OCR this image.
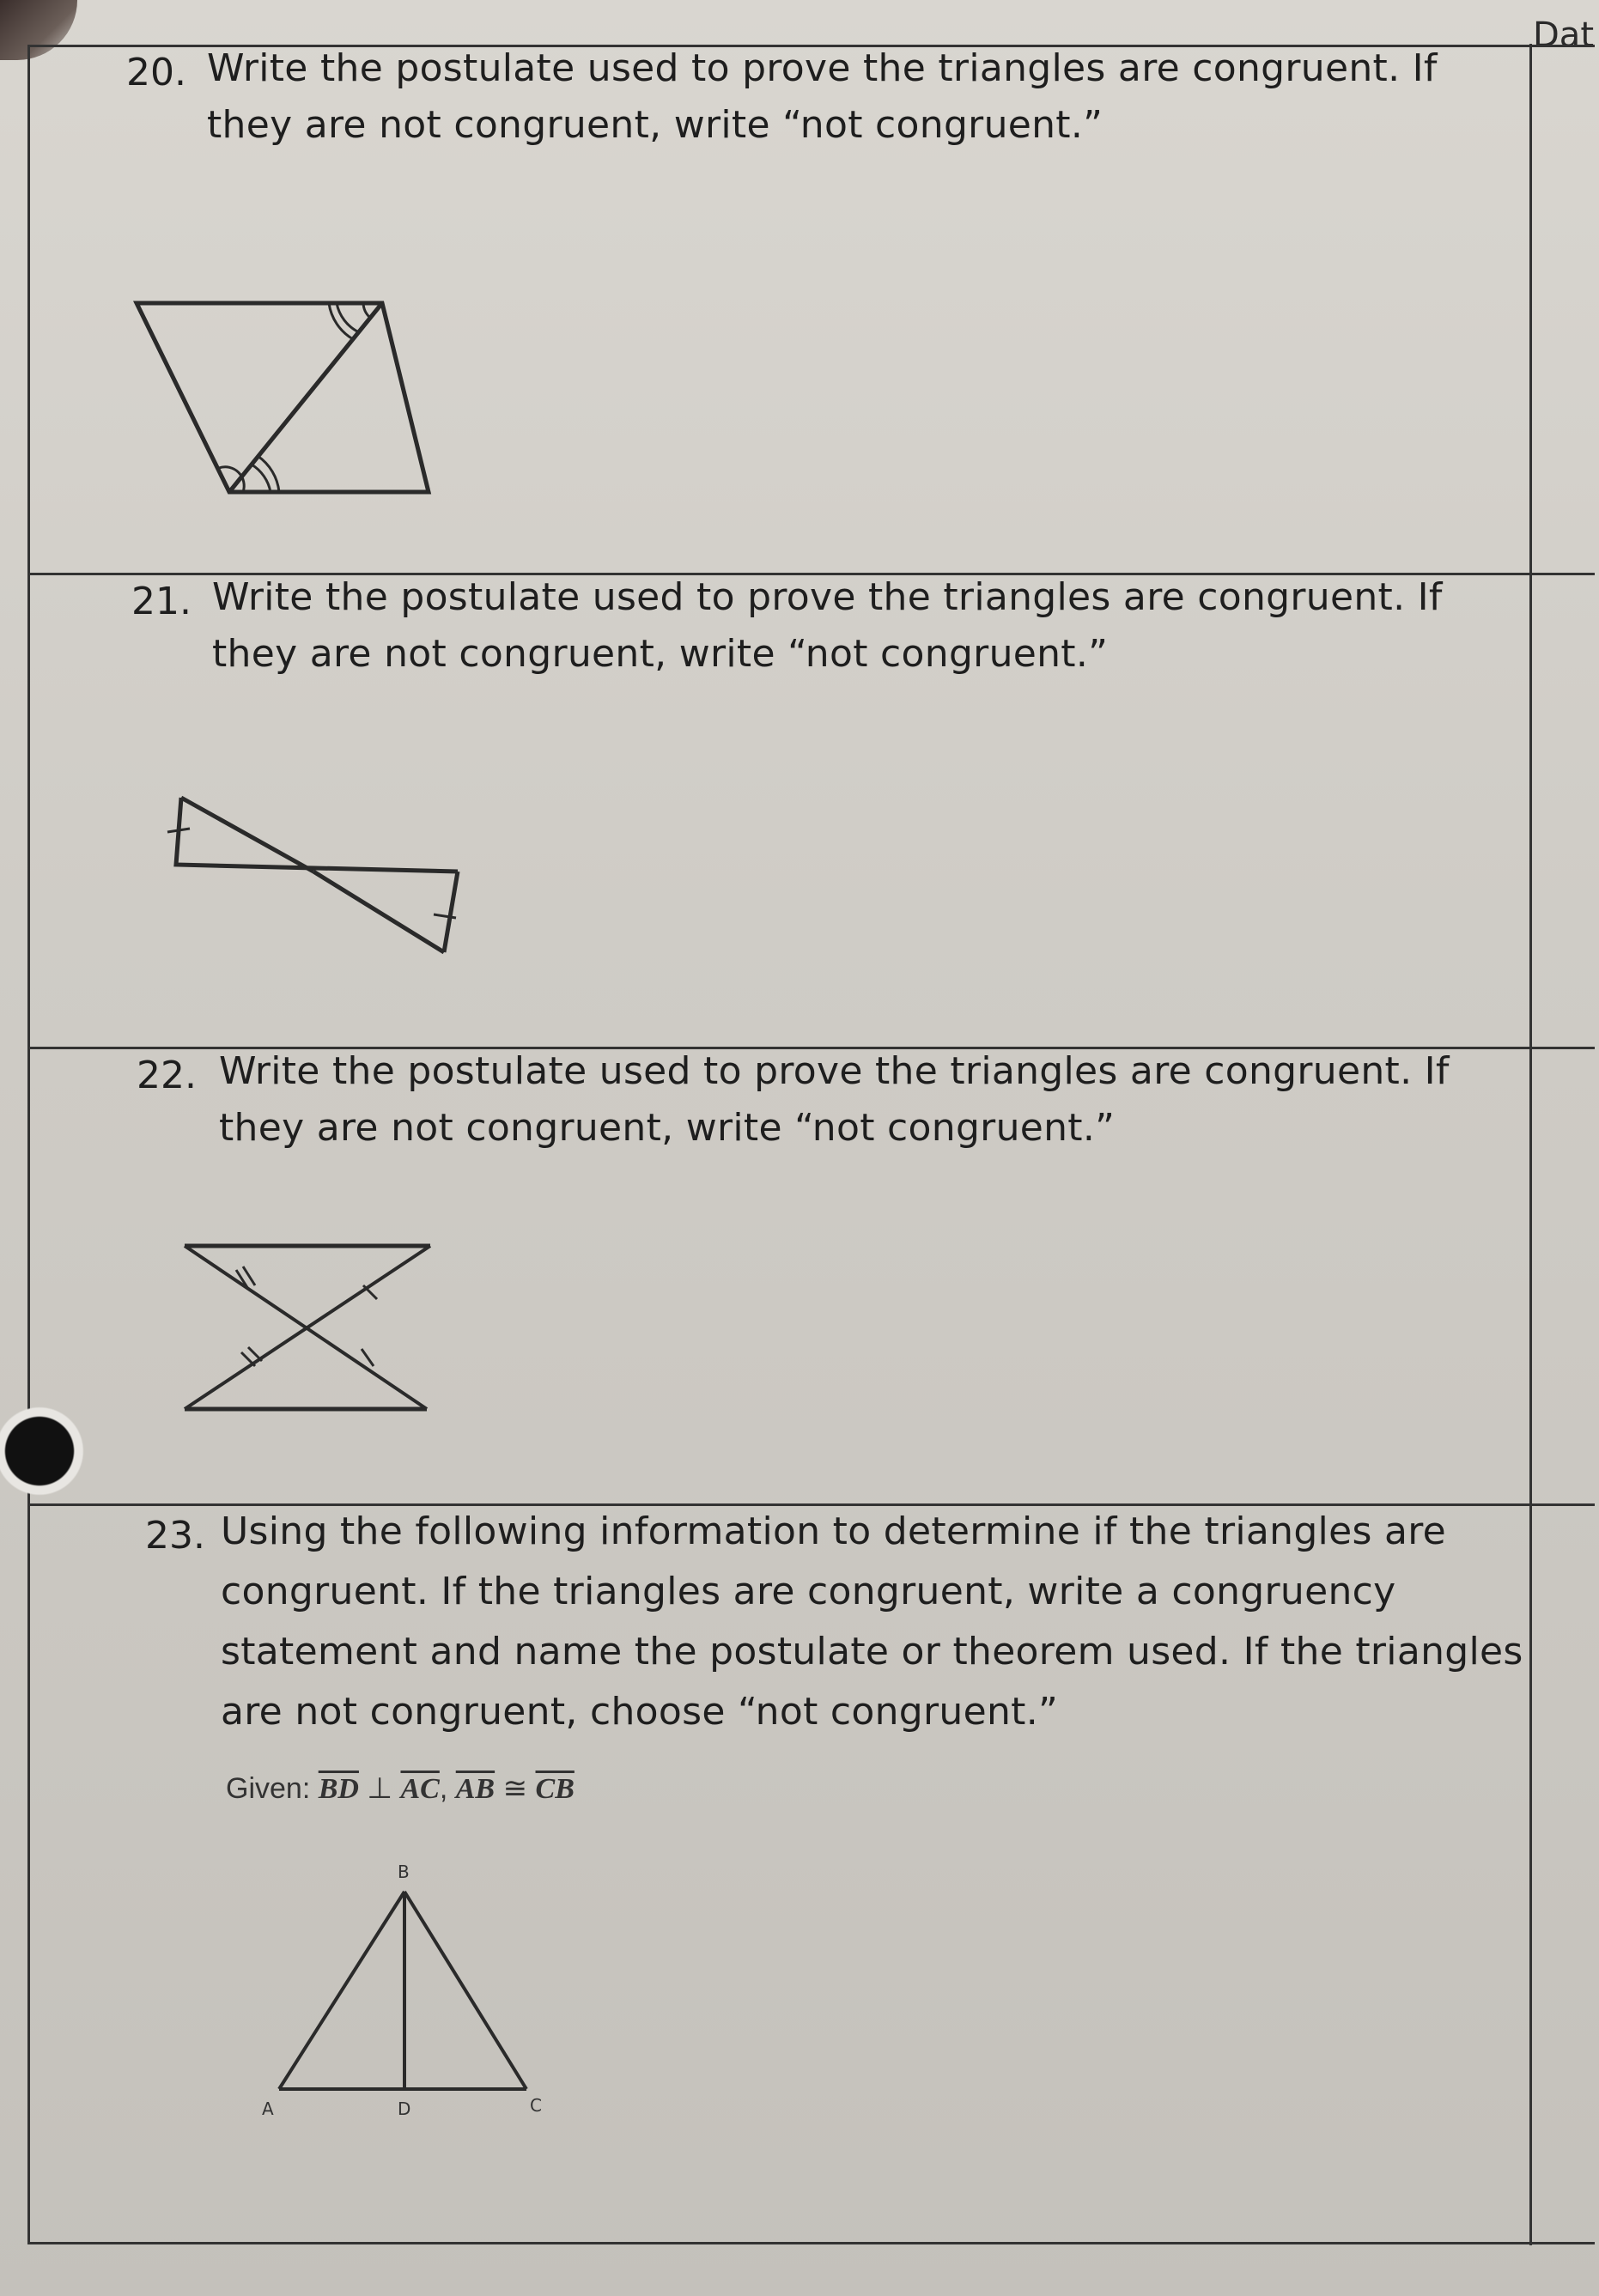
Dat
20. Write the postulate used to prove the triangles are congruent. If
they are not congruent, write “not congruent.”
21. Write the postulate used to prove the triangles are congruent. If
they are not congruent, write “not congruent.”
22. Write the postulate used to prove the triangles are congruent. If
they are not congruent, write “not congruent.”
23. Using the following information to determine if the triangles are
congruent. If the triangles are congruent, write a congruency
statement and name the postulate or theorem used. If the triangles
are not congruent, choose “not congruent.”
Given: $\overline{BD}$ ⊥ $\overline{AC}$, $\overline{AB}$ ≅ $\overline{CB}$
B
A	D	C
